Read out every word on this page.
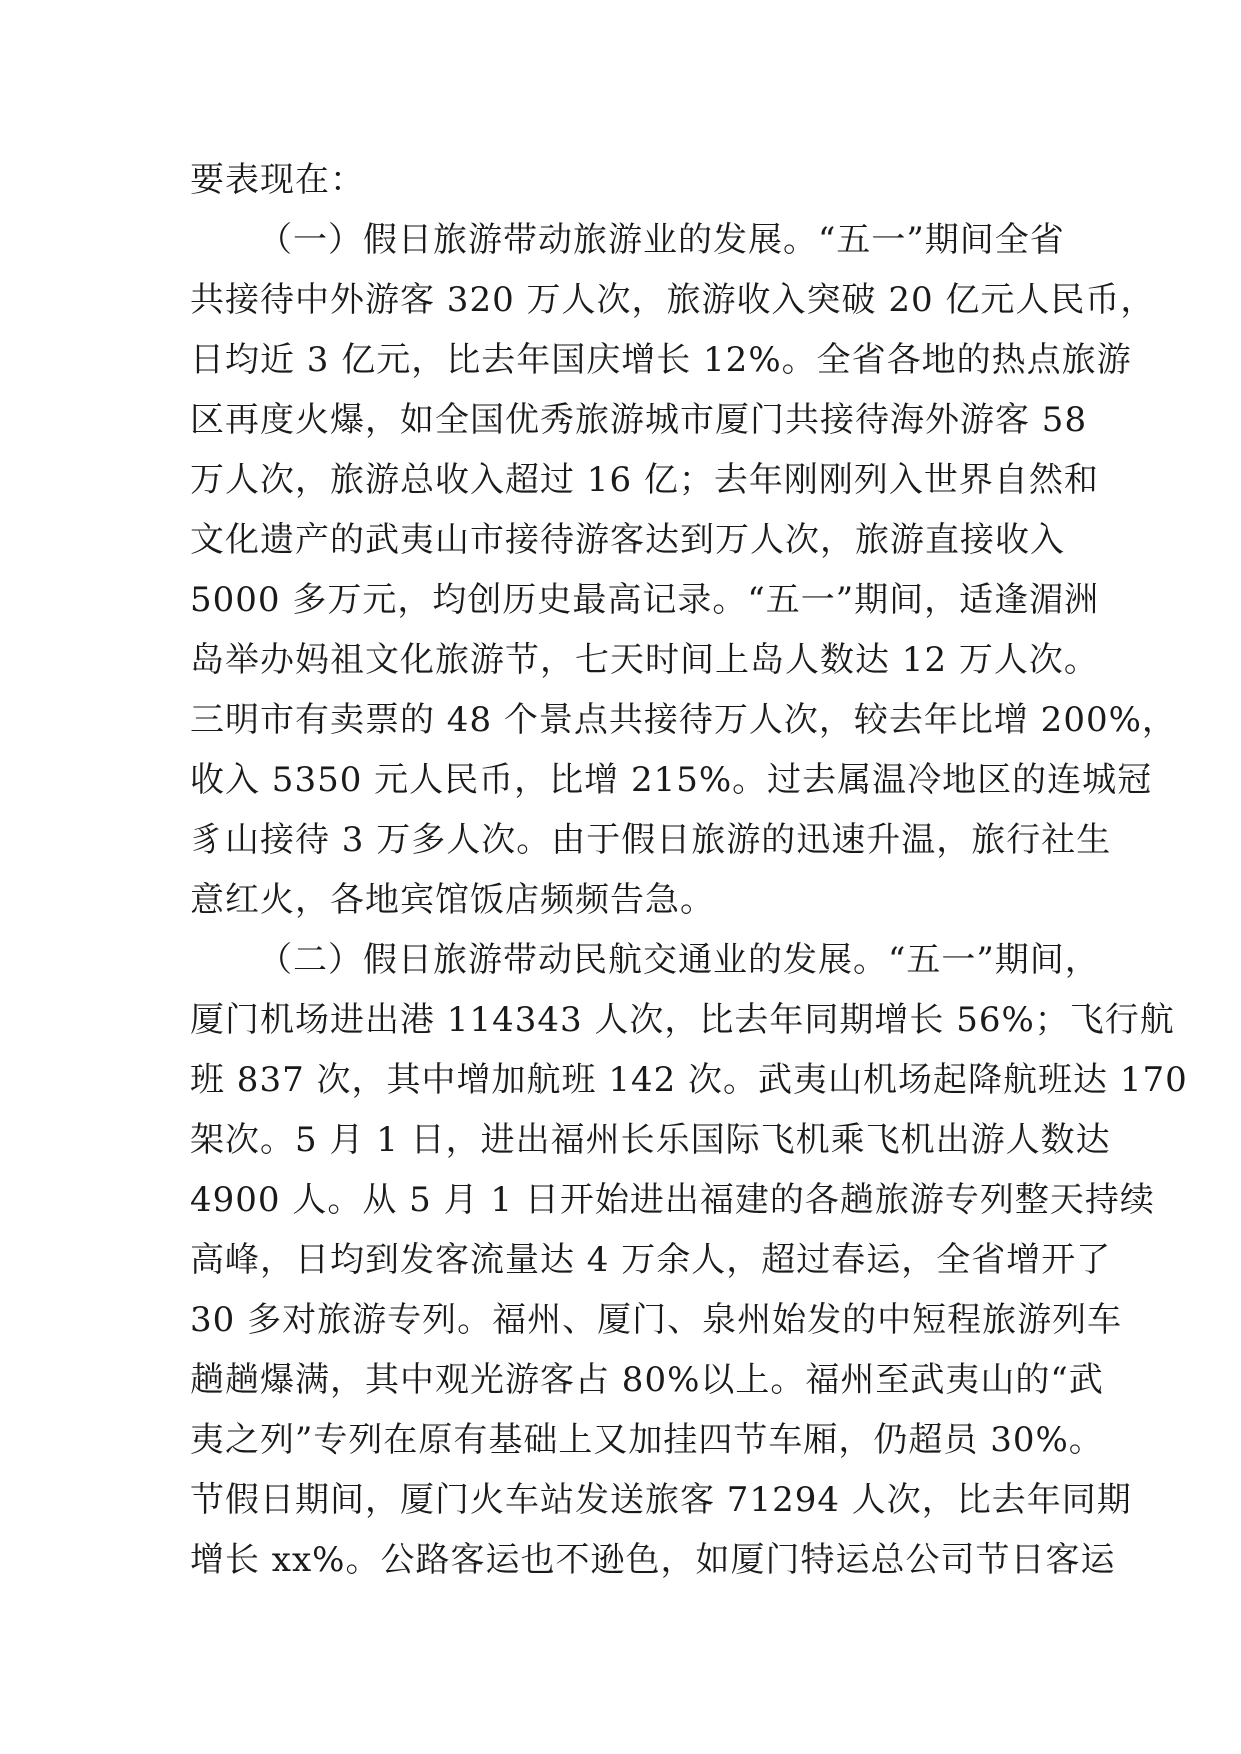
要表现在：
（一）假日旅游带动旅游业的发展。“五一”期间全省
共接待中外游客 320 万人次，旅游收入突破 20 亿元人民币，
日均近 3 亿元，比去年国庆增长 12%。全省各地的热点旅游
区再度火爆，如全国优秀旅游城市厦门共接待海外游客 58
万人次，旅游总收入超过 16 亿；去年刚刚列入世界自然和
文化遗产的武夷山市接待游客达到万人次，旅游直接收入
5000 多万元，均创历史最高记录。“五一”期间，适逢湄洲
岛举办妈祖文化旅游节，七天时间上岛人数达 12 万人次。
三明市有卖票的 48 个景点共接待万人次，较去年比增 200%，
收入 5350 元人民币，比增 215%。过去属温冷地区的连城冠
豸山接待 3 万多人次。由于假日旅游的迅速升温，旅行社生
意红火，各地宾馆饭店频频告急。
（二）假日旅游带动民航交通业的发展。“五一”期间，
厦门机场进出港 114343 人次，比去年同期增长 56%；飞行航
班 837 次，其中增加航班 142 次。武夷山机场起降航班达 170
架次。5 月 1 日，进出福州长乐国际飞机乘飞机出游人数达
4900 人。从 5 月 1 日开始进出福建的各趟旅游专列整天持续
高峰，日均到发客流量达 4 万余人，超过春运，全省增开了
30 多对旅游专列。福州、厦门、泉州始发的中短程旅游列车
趟趟爆满，其中观光游客占 80%以上。福州至武夷山的“武
夷之列”专列在原有基础上又加挂四节车厢，仍超员 30%。
节假日期间，厦门火车站发送旅客 71294 人次，比去年同期
增长 xx%。公路客运也不逊色，如厦门特运总公司节日客运
